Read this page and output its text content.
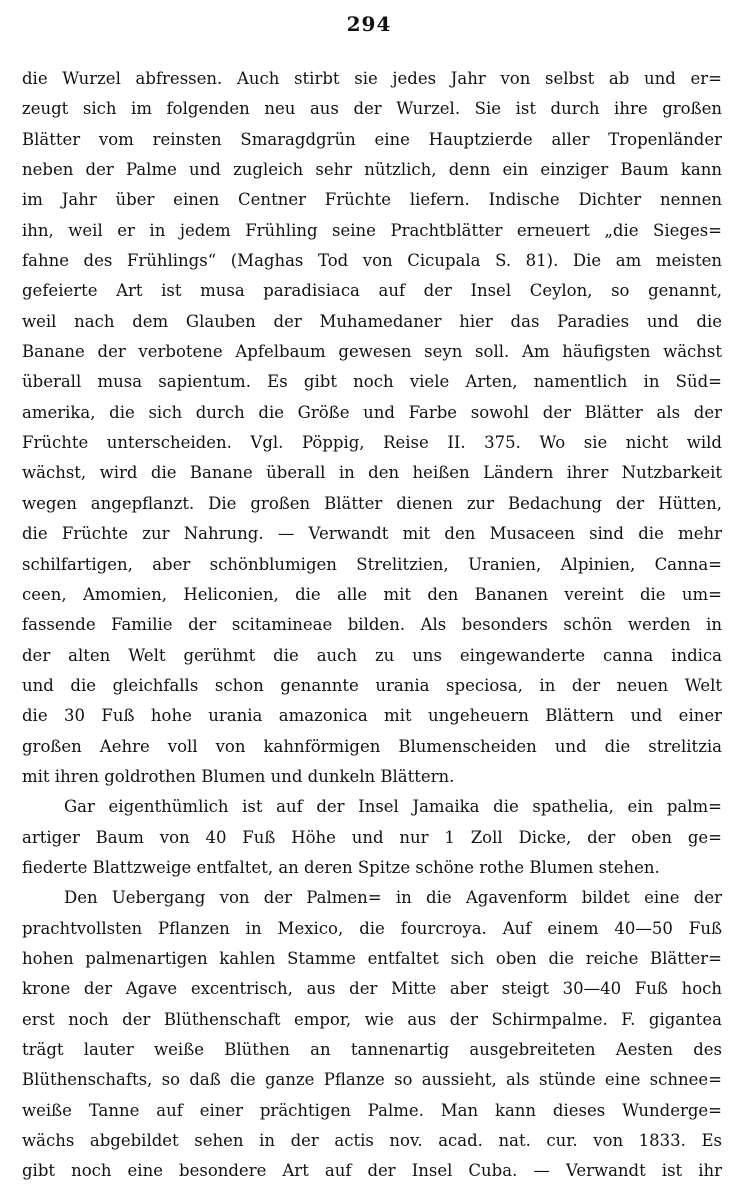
294
die Wurzel abfressen. Auch stirbt sie jedes Jahr von selbst ab und er=
zeugt sich im folgenden neu aus der Wurzel. Sie ist durch ihre großen
Blätter vom reinsten Smaragdgrün eine Hauptzierde aller Tropenländer
neben der Palme und zugleich sehr nützlich, denn ein einziger Baum kann
im Jahr über einen Centner Früchte liefern. Indische Dichter nennen
ihn, weil er in jedem Frühling seine Prachtblätter erneuert „die Sieges=
fahne des Frühlings“ (Maghas Tod von Cicupala S. 81). Die am meisten
gefeierte Art ist musa paradisiaca auf der Insel Ceylon, so genannt,
weil nach dem Glauben der Muhamedaner hier das Paradies und die
Banane der verbotene Apfelbaum gewesen seyn soll. Am häufigsten wächst
überall musa sapientum. Es gibt noch viele Arten, namentlich in Süd=
amerika, die sich durch die Größe und Farbe sowohl der Blätter als der
Früchte unterscheiden. Vgl. Pöppig, Reise II. 375. Wo sie nicht wild
wächst, wird die Banane überall in den heißen Ländern ihrer Nutzbarkeit
wegen angepflanzt. Die großen Blätter dienen zur Bedachung der Hütten,
die Früchte zur Nahrung. — Verwandt mit den Musaceen sind die mehr
schilfartigen, aber schönblumigen Strelitzien, Uranien, Alpinien, Canna=
ceen, Amomien, Heliconien, die alle mit den Bananen vereint die um=
fassende Familie der scitamineae bilden. Als besonders schön werden in
der alten Welt gerühmt die auch zu uns eingewanderte canna indica
und die gleichfalls schon genannte urania speciosa, in der neuen Welt
die 30 Fuß hohe urania amazonica mit ungeheuern Blättern und einer
großen Aehre voll von kahnförmigen Blumenscheiden und die strelitzia
mit ihren goldrothen Blumen und dunkeln Blättern.
Gar eigenthümlich ist auf der Insel Jamaika die spathelia, ein palm=
artiger Baum von 40 Fuß Höhe und nur 1 Zoll Dicke, der oben ge=
fiederte Blattzweige entfaltet, an deren Spitze schöne rothe Blumen stehen.
Den Uebergang von der Palmen= in die Agavenform bildet eine der
prachtvollsten Pflanzen in Mexico, die fourcroya. Auf einem 40—50 Fuß
hohen palmenartigen kahlen Stamme entfaltet sich oben die reiche Blätter=
krone der Agave excentrisch, aus der Mitte aber steigt 30—40 Fuß hoch
erst noch der Blüthenschaft empor, wie aus der Schirmpalme. F. gigantea
trägt lauter weiße Blüthen an tannenartig ausgebreiteten Aesten des
Blüthenschafts, so daß die ganze Pflanze so aussieht, als stünde eine schnee=
weiße Tanne auf einer prächtigen Palme. Man kann dieses Wunderge=
wächs abgebildet sehen in der actis nov. acad. nat. cur. von 1833. Es
gibt noch eine besondere Art auf der Insel Cuba. — Verwandt ist ihr
